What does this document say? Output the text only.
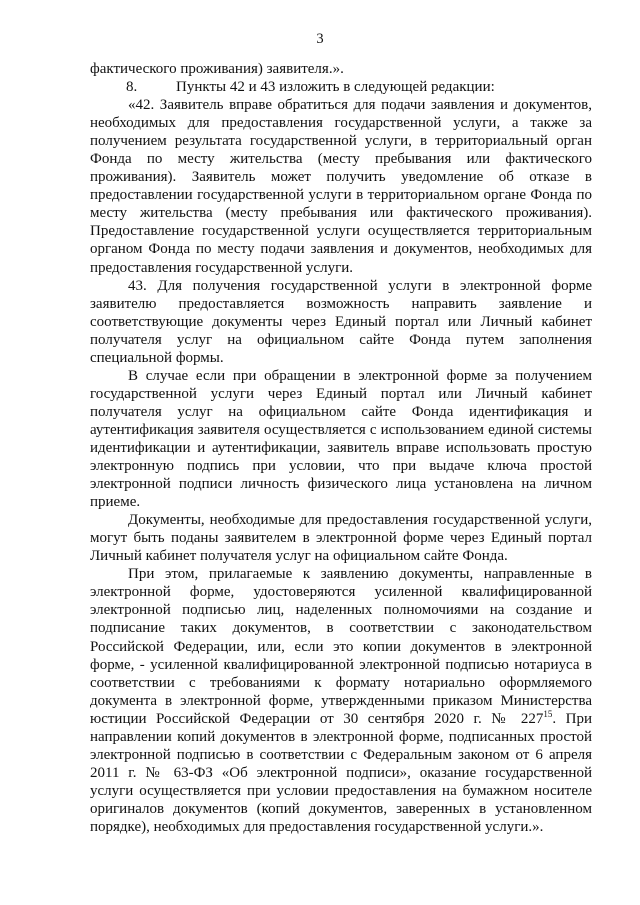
3

фактического проживания) заявителя.».

8.	Пункты 42 и 43 изложить в следующей редакции:

«42. Заявитель вправе обратиться для подачи заявления и документов, необходимых для предоставления государственной услуги, а также за получением результата государственной услуги, в территориальный орган Фонда по месту жительства (месту пребывания или фактического проживания). Заявитель может получить уведомление об отказе в предоставлении государственной услуги в территориальном органе Фонда по месту жительства (месту пребывания или фактического проживания). Предоставление государственной услуги осуществляется территориальным органом Фонда по месту подачи заявления и документов, необходимых для предоставления государственной услуги.

43. Для получения государственной услуги в электронной форме заявителю предоставляется возможность направить заявление и соответствующие документы через Единый портал или Личный кабинет получателя услуг на официальном сайте Фонда путем заполнения специальной формы.

В случае если при обращении в электронной форме за получением государственной услуги через Единый портал или Личный кабинет получателя услуг на официальном сайте Фонда идентификация и аутентификация заявителя осуществляется с использованием единой системы идентификации и аутентификации, заявитель вправе использовать простую электронную подпись при условии, что при выдаче ключа простой электронной подписи личность физического лица установлена на личном приеме.

Документы, необходимые для предоставления государственной услуги, могут быть поданы заявителем в электронной форме через Единый портал Личный кабинет получателя услуг на официальном сайте Фонда.

При этом, прилагаемые к заявлению документы, направленные в электронной форме, удостоверяются усиленной квалифицированной электронной подписью лиц, наделенных полномочиями на создание и подписание таких документов, в соответствии с законодательством Российской Федерации, или, если это копии документов в электронной форме, - усиленной квалифицированной электронной подписью нотариуса в соответствии с требованиями к формату нотариально оформляемого документа в электронной форме, утвержденными приказом Министерства юстиции Российской Федерации от 30 сентября 2020 г. № $227^{15}$. При направлении копий документов в электронной форме, подписанных простой электронной подписью в соответствии с Федеральным законом от 6 апреля 2011 г. № 63-ФЗ «Об электронной подписи», оказание государственной услуги осуществляется при условии предоставления на бумажном носителе оригиналов документов (копий документов, заверенных в установленном порядке), необходимых для предоставления государственной услуги.».
